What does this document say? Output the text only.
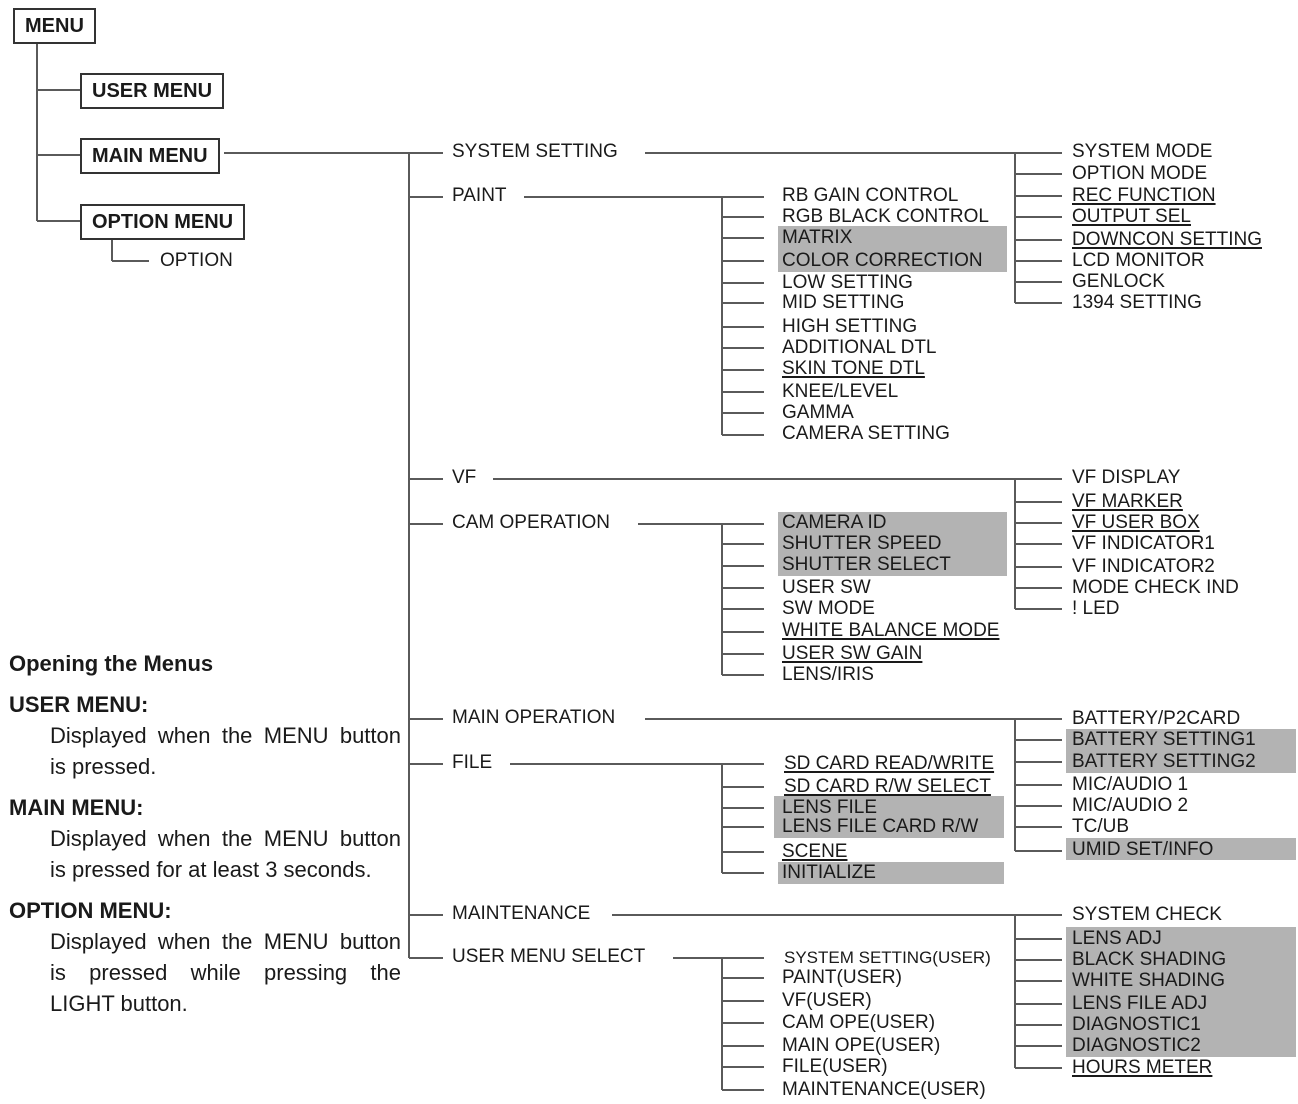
MENU
USER MENU
MAIN MENU
OPTION MENU
OPTION
SYSTEM SETTING
PAINT
VF
CAM OPERATION
MAIN OPERATION
FILE
MAINTENANCE
USER MENU SELECT
SYSTEM MODE
OPTION MODE
REC FUNCTION
OUTPUT SEL
DOWNCON SETTING
LCD MONITOR
GENLOCK
1394 SETTING
RB GAIN CONTROL
RGB BLACK CONTROL
MATRIX
COLOR CORRECTION
LOW SETTING
MID SETTING
HIGH SETTING
ADDITIONAL DTL
SKIN TONE DTL
KNEE/LEVEL
GAMMA
CAMERA SETTING
VF DISPLAY
VF MARKER
VF USER BOX
VF INDICATOR1
VF INDICATOR2
MODE CHECK IND
! LED
CAMERA ID
SHUTTER SPEED
SHUTTER SELECT
USER SW
SW MODE
WHITE BALANCE MODE
USER SW GAIN
LENS/IRIS
BATTERY/P2CARD
BATTERY SETTING1
BATTERY SETTING2
MIC/AUDIO 1
MIC/AUDIO 2
TC/UB
UMID SET/INFO
SD CARD READ/WRITE
SD CARD R/W SELECT
LENS FILE
LENS FILE CARD R/W
SCENE
INITIALIZE
SYSTEM CHECK
LENS ADJ
BLACK SHADING
WHITE SHADING
LENS FILE ADJ
DIAGNOSTIC1
DIAGNOSTIC2
HOURS METER
SYSTEM SETTING(USER)
PAINT(USER)
VF(USER)
CAM OPE(USER)
MAIN OPE(USER)
FILE(USER)
MAINTENANCE(USER)
Opening the Menus
USER MENU:

Displayed when the MENU button is pressed.

MAIN MENU:

Displayed when the MENU button is pressed for at least 3 seconds.

OPTION MENU:

Displayed when the MENU button is pressed while pressing the LIGHT button.
